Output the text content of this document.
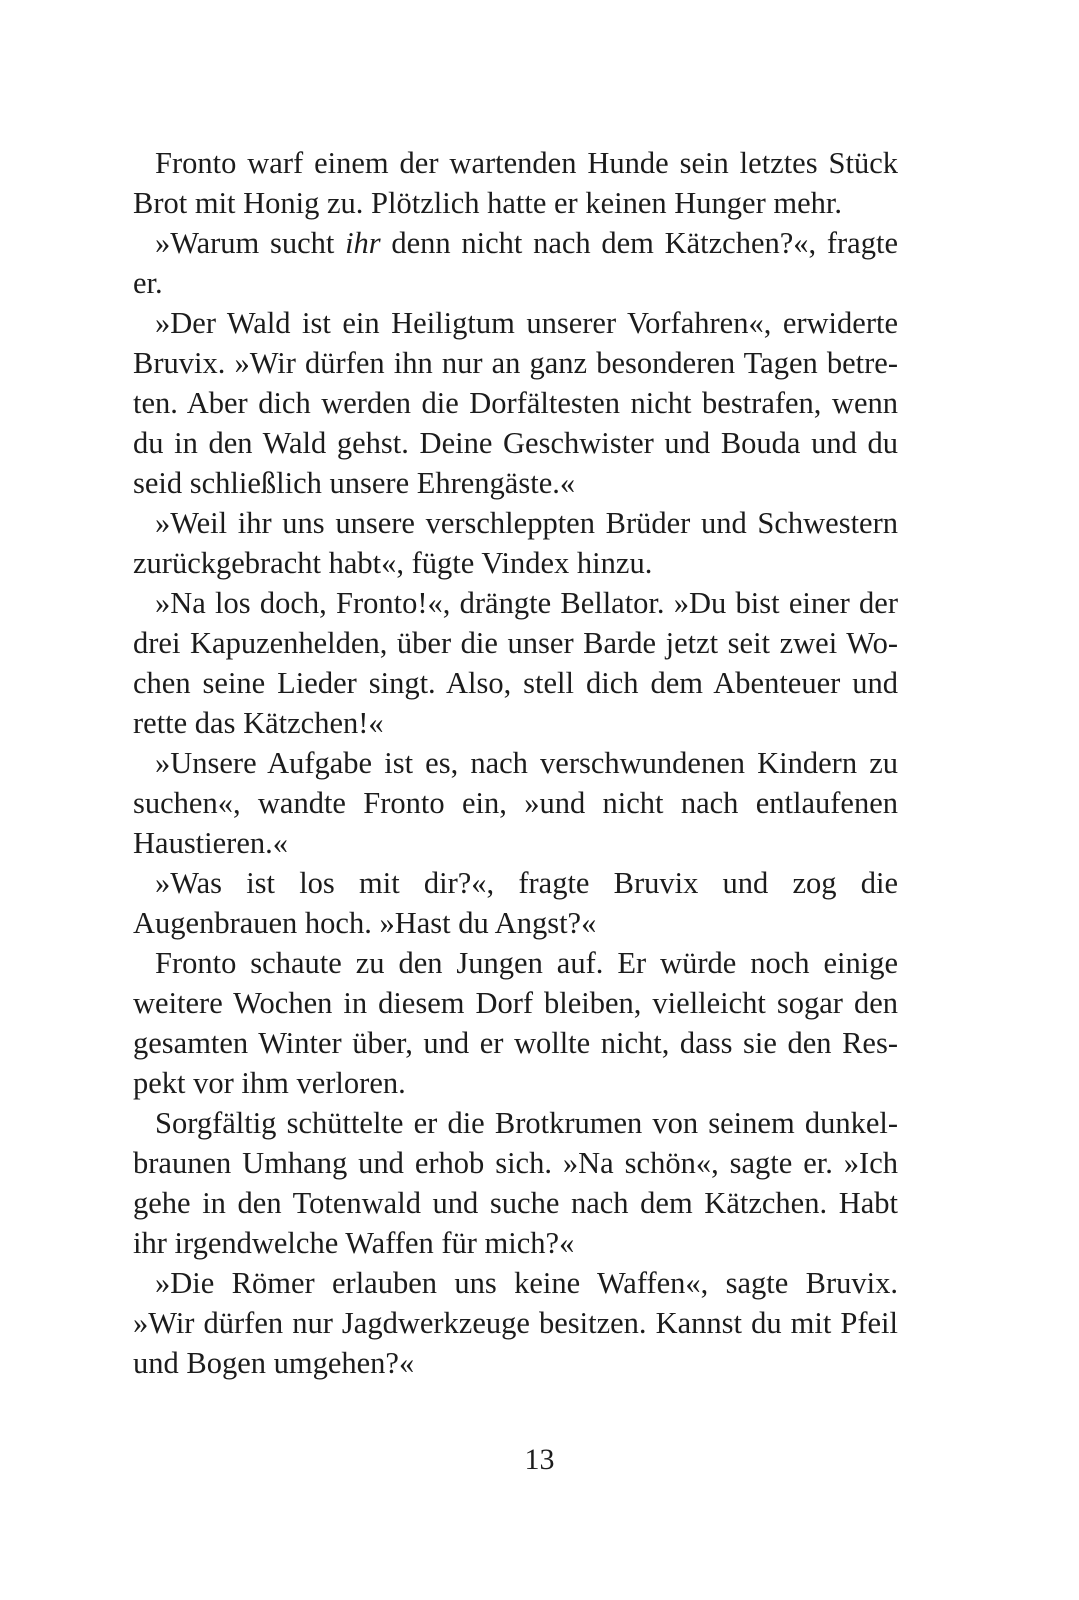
Fronto warf einem der wartenden Hunde sein letztes Stück Brot mit Honig zu. Plötzlich hatte er keinen Hunger mehr.

»Warum sucht ihr denn nicht nach dem Kätzchen?«, fragte er.

»Der Wald ist ein Heiligtum unserer Vorfahren«, erwiderte Bruvix. »Wir dürfen ihn nur an ganz besonderen Tagen betreten. Aber dich werden die Dorfältesten nicht bestrafen, wenn du in den Wald gehst. Deine Geschwister und Bouda und du seid schließlich unsere Ehrengäste.«

»Weil ihr uns unsere verschleppten Brüder und Schwestern zurückgebracht habt«, fügte Vindex hinzu.

»Na los doch, Fronto!«, drängte Bellator. »Du bist einer der drei Kapuzenhelden, über die unser Barde jetzt seit zwei Wochen seine Lieder singt. Also, stell dich dem Abenteuer und rette das Kätzchen!«

»Unsere Aufgabe ist es, nach verschwundenen Kindern zu suchen«, wandte Fronto ein, »und nicht nach entlaufenen Haustieren.«

»Was ist los mit dir?«, fragte Bruvix und zog die Augenbrauen hoch. »Hast du Angst?«

Fronto schaute zu den Jungen auf. Er würde noch einige weitere Wochen in diesem Dorf bleiben, vielleicht sogar den gesamten Winter über, und er wollte nicht, dass sie den Respekt vor ihm verloren.

Sorgfältig schüttelte er die Brotkrumen von seinem dunkelbraunen Umhang und erhob sich. »Na schön«, sagte er. »Ich gehe in den Totenwald und suche nach dem Kätzchen. Habt ihr irgendwelche Waffen für mich?«

»Die Römer erlauben uns keine Waffen«, sagte Bruvix. »Wir dürfen nur Jagdwerkzeuge besitzen. Kannst du mit Pfeil und Bogen umgehen?«

13
